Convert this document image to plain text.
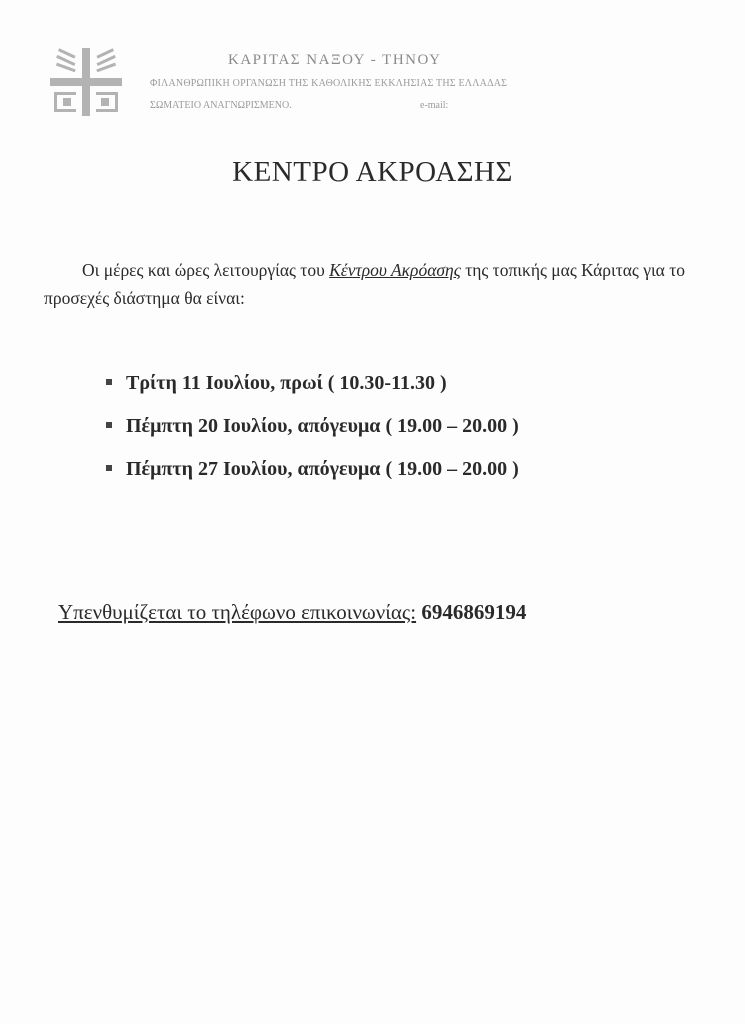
ΚΑΡΙΤΑΣ ΝΑΞΟΥ - ΤΗΝΟΥ
ΦΙΛΑΝΘΡΩΠΙΚΗ ΟΡΓΑΝΩΣΗ ΤΗΣ ΚΑΘΟΛΙΚΗΣ ΕΚΚΛΗΣΙΑΣ ΤΗΣ ΕΛΛΑΔΑΣ
ΣΩΜΑΤΕΙΟ ΑΝΑΓΝΩΡΙΣΜΕΝΟ.	e-mail:
ΚΕΝΤΡΟ ΑΚΡΟΑΣΗΣ
Οι μέρες και ώρες λειτουργίας του Κέντρου Ακρόασης της τοπικής μας Κάριτας για το προσεχές διάστημα θα είναι:
Τρίτη 11 Ιουλίου, πρωί ( 10.30-11.30 )
Πέμπτη 20 Ιουλίου, απόγευμα ( 19.00 – 20.00 )
Πέμπτη 27 Ιουλίου, απόγευμα ( 19.00 – 20.00 )
Υπενθυμίζεται το τηλέφωνο επικοινωνίας: 6946869194
